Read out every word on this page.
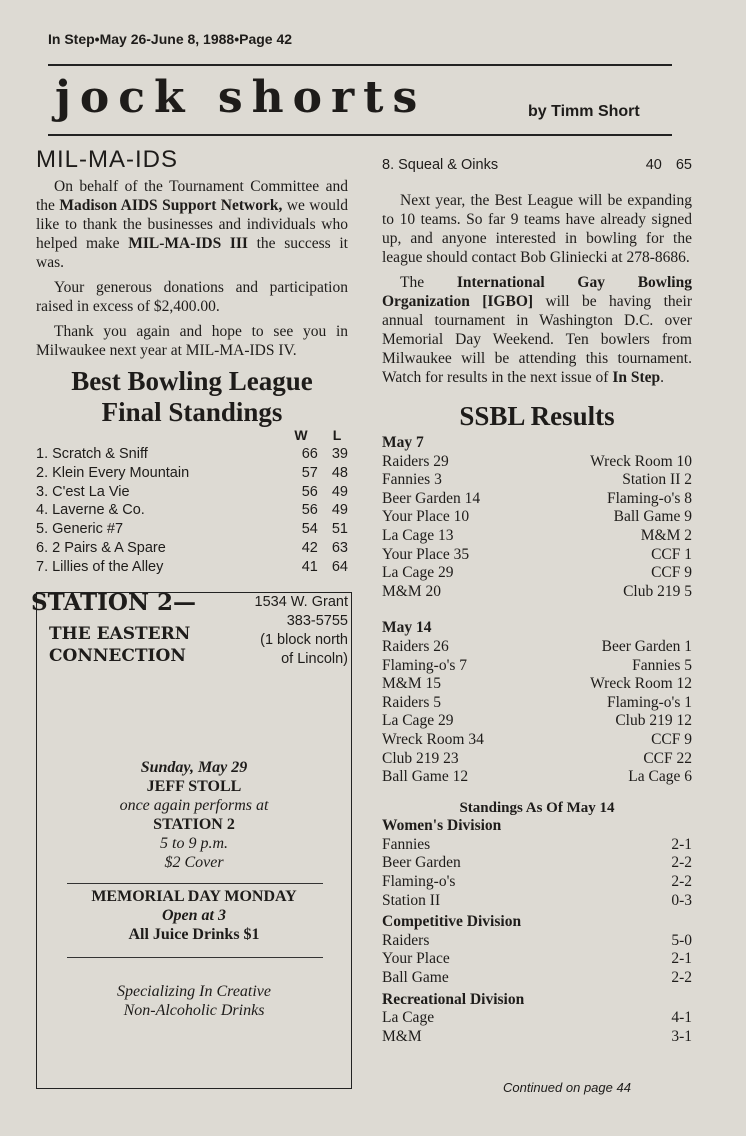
In Step•May 26-June 8, 1988•Page 42
jock shorts	by Timm Short
MIL-MA-IDS

On behalf of the Tournament Committee and the Madison AIDS Support Network, we would like to thank the businesses and individuals who helped make MIL-MA-IDS III the success it was.

Your generous donations and participation raised in excess of $2,400.00.

Thank you again and hope to see you in Milwaukee next year at MIL-MA-IDS IV.

Best Bowling League
Final Standings
W	L
1. Scratch & Sniff	66 39
2. Klein Every Mountain	57 48
3. C'est La Vie	56 49
4. Laverne & Co.	56 49
5. Generic #7	54 51
6. 2 Pairs & A Spare	42 63
7. Lillies of the Alley	41 64
STATION 2—
THE EASTERN
CONNECTION
1534 W. Grant
383-5755
(1 block north
of Lincoln)
Sunday, May 29
JEFF STOLL
once again performs at
STATION 2
5 to 9 p.m.
$2 Cover
MEMORIAL DAY MONDAY
Open at 3
All Juice Drinks $1
Specializing In Creative
Non-Alcoholic Drinks
8. Squeal & Oinks	40 65

Next year, the Best League will be expanding to 10 teams. So far 9 teams have already signed up, and anyone interested in bowling for the league should contact Bob Gliniecki at 278-8686.

The International Gay Bowling Organization [IGBO] will be having their annual tournament in Washington D.C. over Memorial Day Weekend. Ten bowlers from Milwaukee will be attending this tournament. Watch for results in the next issue of In Step.

SSBL Results
May 7
Raiders 29	Wreck Room 10
Fannies 3	Station II 2
Beer Garden 14	Flaming-o's 8
Your Place 10	Ball Game 9
La Cage 13	M&M 2
Your Place 35	CCF 1
La Cage 29	CCF 9
M&M 20	Club 219 5
May 14
Raiders 26	Beer Garden 1
Flaming-o's 7	Fannies 5
M&M 15	Wreck Room 12
Raiders 5	Flaming-o's 1
La Cage 29	Club 219 12
Wreck Room 34	CCF 9
Club 219 23	CCF 22
Ball Game 12	La Cage 6
Standings As Of May 14
Women's Division
Fannies	2-1
Beer Garden	2-2
Flaming-o's	2-2
Station II	0-3
Competitive Division
Raiders	5-0
Your Place	2-1
Ball Game	2-2
Recreational Division
La Cage	4-1
M&M	3-1
Continued on page 44
